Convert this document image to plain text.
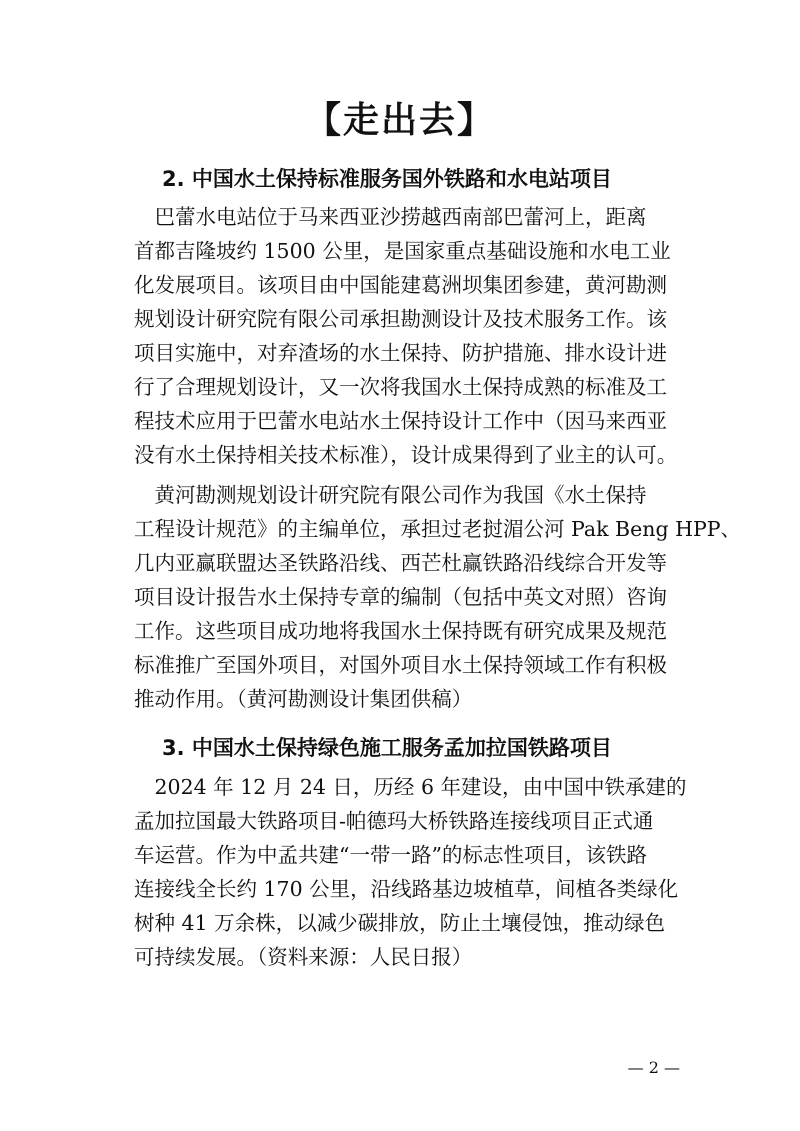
【走出去】
2. 中国水土保持标准服务国外铁路和水电站项目
　巴蕾水电站位于马来西亚沙捞越西南部巴蕾河上，距离
首都吉隆坡约 1500 公里，是国家重点基础设施和水电工业
化发展项目。该项目由中国能建葛洲坝集团参建，黄河勘测
规划设计研究院有限公司承担勘测设计及技术服务工作。该
项目实施中，对弃渣场的水土保持、防护措施、排水设计进
行了合理规划设计，又一次将我国水土保持成熟的标准及工
程技术应用于巴蕾水电站水土保持设计工作中（因马来西亚
没有水土保持相关技术标准），设计成果得到了业主的认可。
　黄河勘测规划设计研究院有限公司作为我国《水土保持
工程设计规范》的主编单位，承担过老挝湄公河 Pak Beng HPP、
几内亚赢联盟达圣铁路沿线、西芒杜赢铁路沿线综合开发等
项目设计报告水土保持专章的编制（包括中英文对照）咨询
工作。这些项目成功地将我国水土保持既有研究成果及规范
标准推广至国外项目，对国外项目水土保持领域工作有积极
推动作用。（黄河勘测设计集团供稿）
3. 中国水土保持绿色施工服务孟加拉国铁路项目
　2024 年 12 月 24 日，历经 6 年建设，由中国中铁承建的
孟加拉国最大铁路项目-帕德玛大桥铁路连接线项目正式通
车运营。作为中孟共建“一带一路”的标志性项目，该铁路
连接线全长约 170 公里，沿线路基边坡植草，间植各类绿化
树种 41 万余株，以减少碳排放，防止土壤侵蚀，推动绿色
可持续发展。（资料来源：人民日报）
— 2 —
